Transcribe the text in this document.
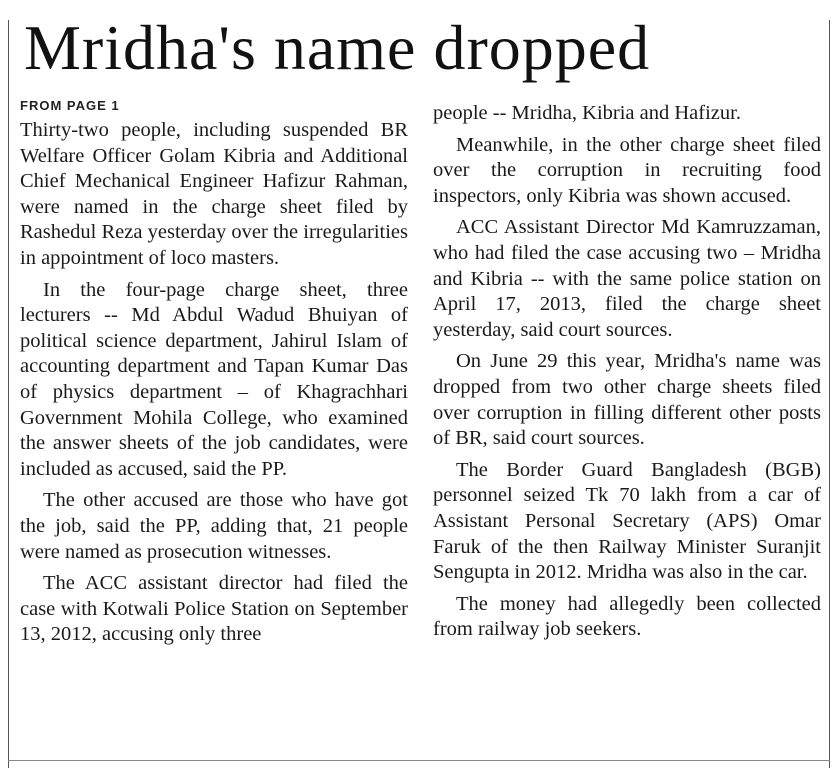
Mridha's name dropped
FROM PAGE 1

Thirty-two people, including suspended BR Welfare Officer Golam Kibria and Additional Chief Mechanical Engineer Hafizur Rahman, were named in the charge sheet filed by Rashedul Reza yesterday over the irregularities in appointment of loco masters.

In the four-page charge sheet, three lecturers -- Md Abdul Wadud Bhuiyan of political science department, Jahirul Islam of accounting department and Tapan Kumar Das of physics department – of Khagrachhari Government Mohila College, who examined the answer sheets of the job candidates, were included as accused, said the PP.

The other accused are those who have got the job, said the PP, adding that, 21 people were named as prosecution witnesses.

The ACC assistant director had filed the case with Kotwali Police Station on September 13, 2012, accusing only three

people -- Mridha, Kibria and Hafizur.

Meanwhile, in the other charge sheet filed over the corruption in recruiting food inspectors, only Kibria was shown accused.

ACC Assistant Director Md Kamruzzaman, who had filed the case accusing two – Mridha and Kibria -- with the same police station on April 17, 2013, filed the charge sheet yesterday, said court sources.

On June 29 this year, Mridha's name was dropped from two other charge sheets filed over corruption in filling different other posts of BR, said court sources.

The Border Guard Bangladesh (BGB) personnel seized Tk 70 lakh from a car of Assistant Personal Secretary (APS) Omar Faruk of the then Railway Minister Suranjit Sengupta in 2012. Mridha was also in the car.

The money had allegedly been collected from railway job seekers.
